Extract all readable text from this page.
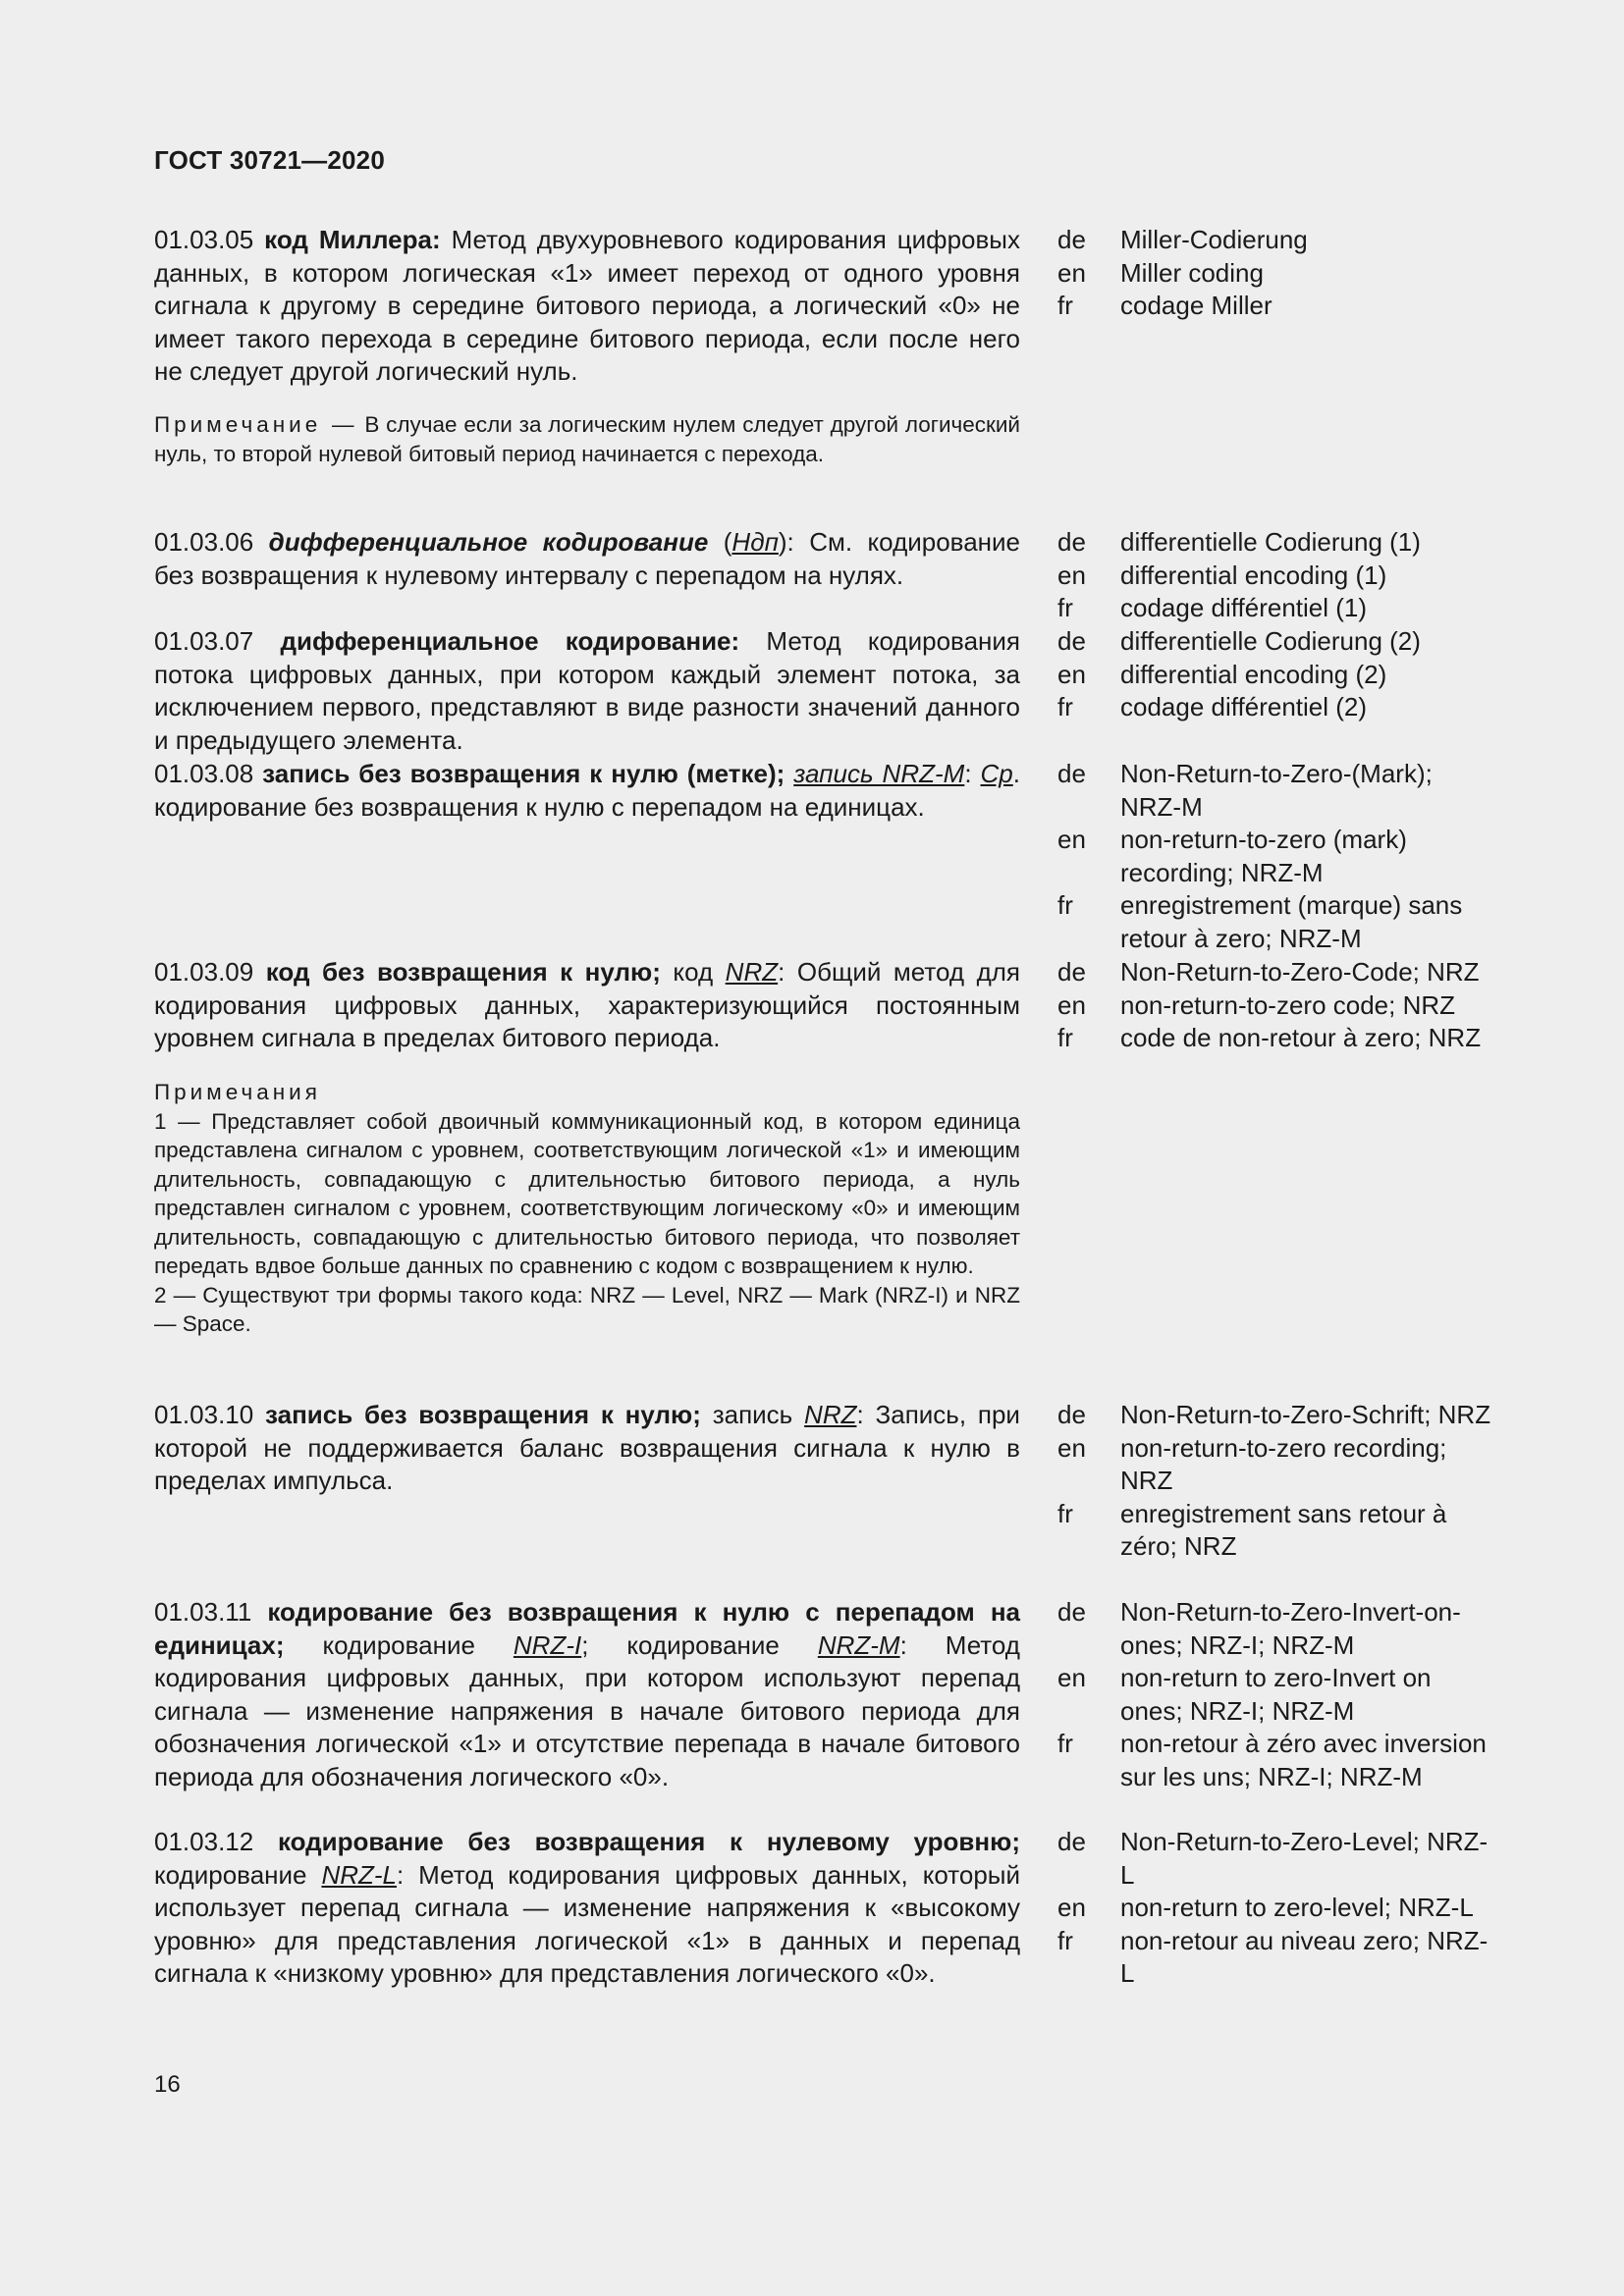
ГОСТ 30721—2020
01.03.05 код Миллера: Метод двухуровневого кодирования цифровых данных, в котором логическая «1» имеет переход от одного уровня сигнала к другому в середине битового периода, а логический «0» не имеет такого перехода в середине битового периода, если после него не следует другой логический нуль.
Примечание — В случае если за логическим нулем следует другой логический нуль, то второй нулевой битовый период начинается с перехода.
de	Miller-Codierung
en	Miller coding
fr	codage Miller
01.03.06 дифференциальное кодирование (Ндп): См. кодирование без возвращения к нулевому интервалу с перепадом на нулях.
de	differentielle Codierung (1)
en	differential encoding (1)
fr	codage différentiel (1)
01.03.07 дифференциальное кодирование: Метод кодирования потока цифровых данных, при котором каждый элемент потока, за исключением первого, представляют в виде разности значений данного и предыдущего элемента.
de	differentielle Codierung (2)
en	differential encoding (2)
fr	codage différentiel (2)
01.03.08 запись без возвращения к нулю (метке); запись NRZ-M: Ср. кодирование без возвращения к нулю с перепадом на единицах.
de	Non-Return-to-Zero-(Mark); NRZ-M
en	non-return-to-zero (mark) recording; NRZ-M
fr	enregistrement (marque) sans retour à zero; NRZ-M
01.03.09 код без возвращения к нулю; код NRZ: Общий метод для кодирования цифровых данных, характеризующийся постоянным уровнем сигнала в пределах битового периода.
Примечания
1 — Представляет собой двоичный коммуникационный код, в котором единица представлена сигналом с уровнем, соответствующим логической «1» и имеющим длительность, совпадающую с длительностью битового периода, а нуль представлен сигналом с уровнем, соответствующим логическому «0» и имеющим длительность, совпадающую с длительностью битового периода, что позволяет передать вдвое больше данных по сравнению с кодом с возвращением к нулю.
2 — Существуют три формы такого кода: NRZ — Level, NRZ — Mark (NRZ-I) и NRZ — Space.
de	Non-Return-to-Zero-Code; NRZ
en	non-return-to-zero code; NRZ
fr	code de non-retour à zero; NRZ
01.03.10 запись без возвращения к нулю; запись NRZ: Запись, при которой не поддерживается баланс возвращения сигнала к нулю в пределах импульса.
de	Non-Return-to-Zero-Schrift; NRZ
en	non-return-to-zero recording; NRZ
fr	enregistrement sans retour à zéro; NRZ
01.03.11 кодирование без возвращения к нулю с перепадом на единицах; кодирование NRZ-I; кодирование NRZ-M: Метод кодирования цифровых данных, при котором используют перепад сигнала — изменение напряжения в начале битового периода для обозначения логической «1» и отсутствие перепада в начале битового периода для обозначения логического «0».
de	Non-Return-to-Zero-Invert-on-ones; NRZ-I; NRZ-M
en	non-return to zero-Invert on ones; NRZ-I; NRZ-M
fr	non-retour à zéro avec inversion sur les uns; NRZ-I; NRZ-M
01.03.12 кодирование без возвращения к нулевому уровню; кодирование NRZ-L: Метод кодирования цифровых данных, который использует перепад сигнала — изменение напряжения к «высокому уровню» для представления логической «1» в данных и перепад сигнала к «низкому уровню» для представления логического «0».
de	Non-Return-to-Zero-Level; NRZ-L
en	non-return to zero-level; NRZ-L
fr	non-retour au niveau zero; NRZ-L
16
